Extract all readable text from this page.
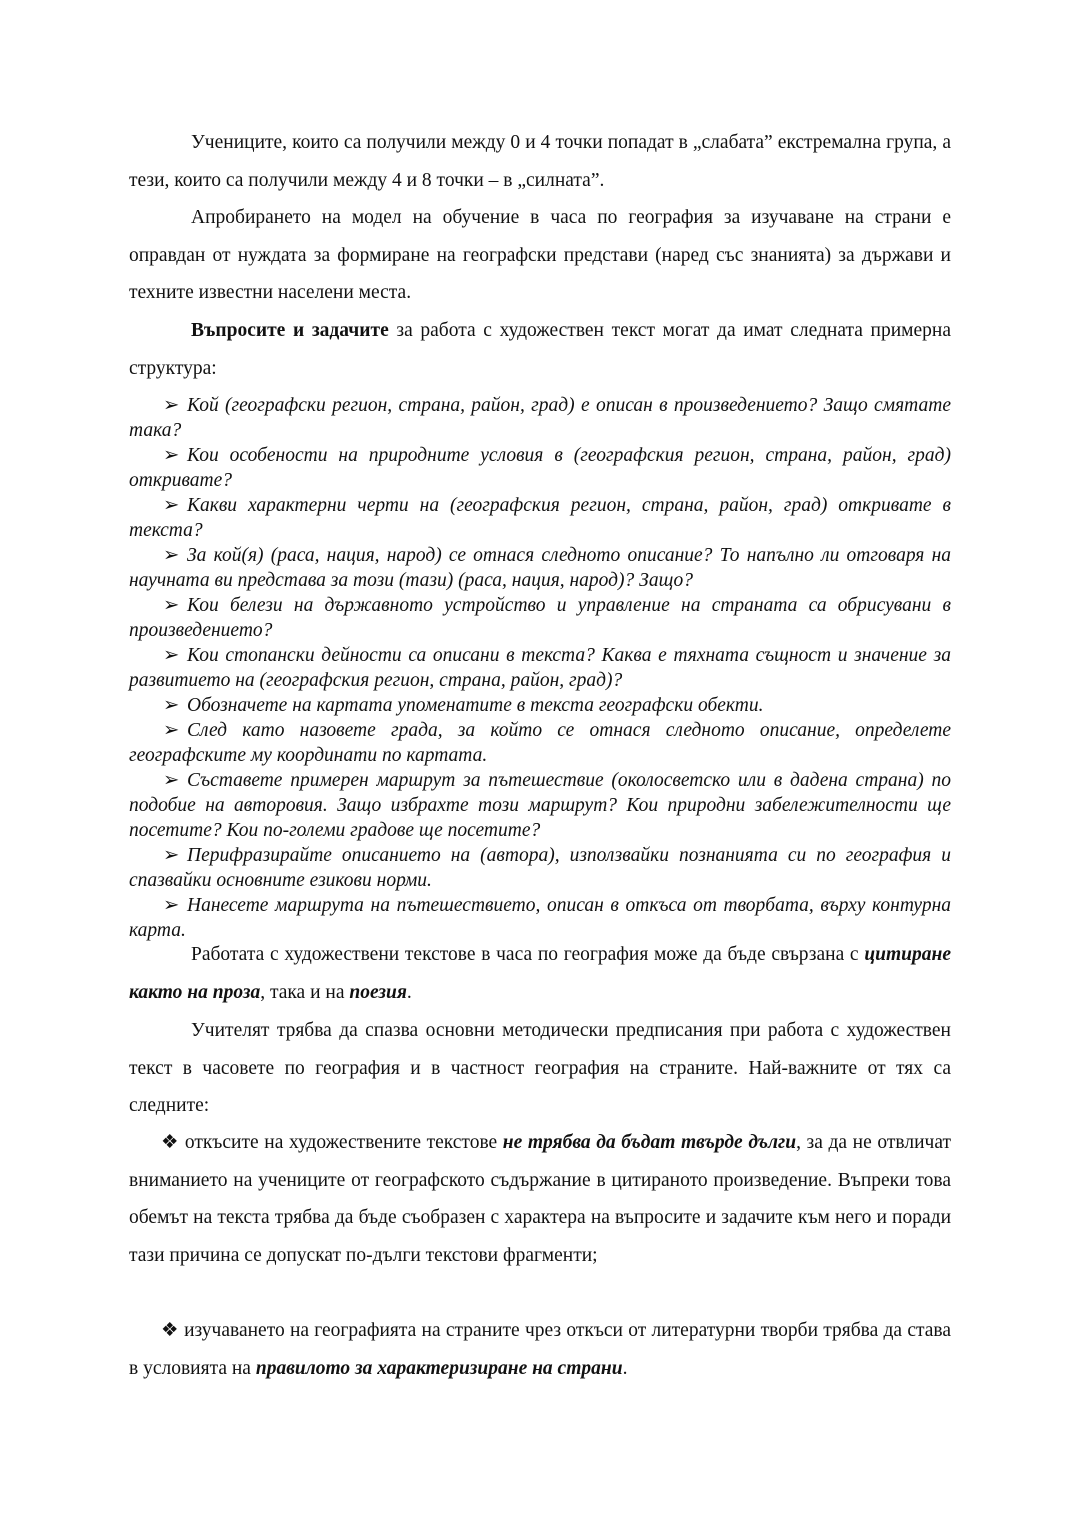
Учениците, които са получили между 0 и 4 точки попадат в „слабата” екстремална група, а тези, които са получили между 4 и 8 точки – в „силната”.
Апробирането на модел на обучение в часа по география за изучаване на страни е оправдан от нуждата за формиране на географски представи (наред със знанията) за държави и техните известни населени места.
Въпросите и задачите за работа с художествен текст могат да имат следната примерна структура:
➢ Кой (географски регион, страна, район, град) е описан в произведението? Защо смятате така?
➢ Кои особености на природните условия в (географския регион, страна, район, град) откривате?
➢ Какви характерни черти на (географския регион, страна, район, град) откривате в текста?
➢ За кой(я) (раса, нация, народ) се отнася следното описание? То напълно ли отговаря на научната ви представа за този (тази) (раса, нация, народ)? Защо?
➢ Кои белези на държавното устройство и управление на страната са обрисувани в произведението?
➢ Кои стопански дейности са описани в текста? Каква е тяхната същност и значение за развитието на (географския регион, страна, район, град)?
➢ Обозначете на картата упоменатите в текста географски обекти.
➢ След като назовете града, за който се отнася следното описание, определете географските му координати по картата.
➢ Съставете примерен маршрут за пътешествие (околосветско или в дадена страна) по подобие на авторовия. Защо избрахте този маршрут? Кои природни забележителности ще посетите? Кои по-големи градове ще посетите?
➢ Перифразирайте описанието на (автора), използвайки познанията си по география и спазвайки основните езикови норми.
➢ Нанесете маршрута на пътешествието, описан в откъса от творбата, върху контурна карта.
Работата с художествени текстове в часа по география може да бъде свързана с цитиране както на проза, така и на поезия.
Учителят трябва да спазва основни методически предписания при работа с художествен текст в часовете по география и в частност география на страните. Най-важните от тях са следните:
❖ откъсите на художествените текстове не трябва да бъдат твърде дълги, за да не отвличат вниманието на учениците от географското съдържание в цитираното произведение. Въпреки това обемът на текста трябва да бъде съобразен с характера на въпросите и задачите към него и поради тази причина се допускат по-дълги текстови фрагменти;
❖ изучаването на географията на страните чрез откъси от литературни творби трябва да става в условията на правилото за характеризиране на страни.
